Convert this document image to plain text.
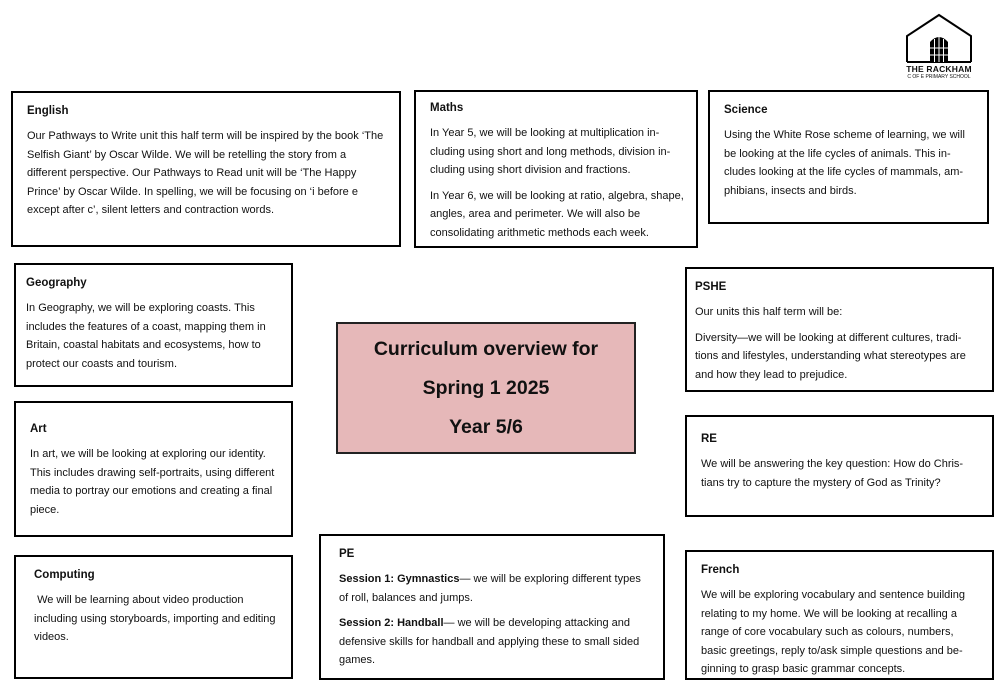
THE RACKHAM
C OF E PRIMARY SCHOOL
English

Our Pathways to Write unit this half term will be inspired by the book ‘The Selfish Giant’ by Oscar Wilde. We will be retelling the story from a different perspective. Our Pathways to Read unit will be ‘The Happy Prince’ by Oscar Wilde. In spelling, we will be focusing on ‘i before e except after c’, silent letters and contraction words.

Maths

In Year 5, we will be looking at multiplication including using short and long methods, division including using short division and fractions.

In Year 6, we will be looking at ratio, algebra, shape, angles, area and perimeter. We will also be consolidating arithmetic methods each week.

Science

Using the White Rose scheme of learning, we will be looking at the life cycles of animals. This includes looking at the life cycles of mammals, amphibians, insects and birds.

Geography

In Geography, we will be exploring coasts. This includes the features of a coast, mapping them in Britain, coastal habitats and ecosystems, how to protect our coasts and tourism.

Curriculum overview for
Spring 1 2025
Year 5/6
PSHE

Our units this half term will be:

Diversity—we will be looking at different cultures, traditions and lifestyles, understanding what stereotypes are and how they lead to prejudice.

Art

In art, we will be looking at exploring our identity. This includes drawing self-portraits, using different media to portray our emotions and creating a final piece.

RE

We will be answering the key question: How do Christians try to capture the mystery of God as Trinity?

Computing

We will be learning about video production including using storyboards, importing and editing videos.

PE

Session 1: Gymnastics— we will be exploring different types of roll, balances and jumps.

Session 2: Handball— we will be developing attacking and defensive skills for handball and applying these to small sided games.

French

We will be exploring vocabulary and sentence building relating to my home. We will be looking at recalling a range of core vocabulary such as colours, numbers, basic greetings, reply to/ask simple questions and beginning to grasp basic grammar concepts.
